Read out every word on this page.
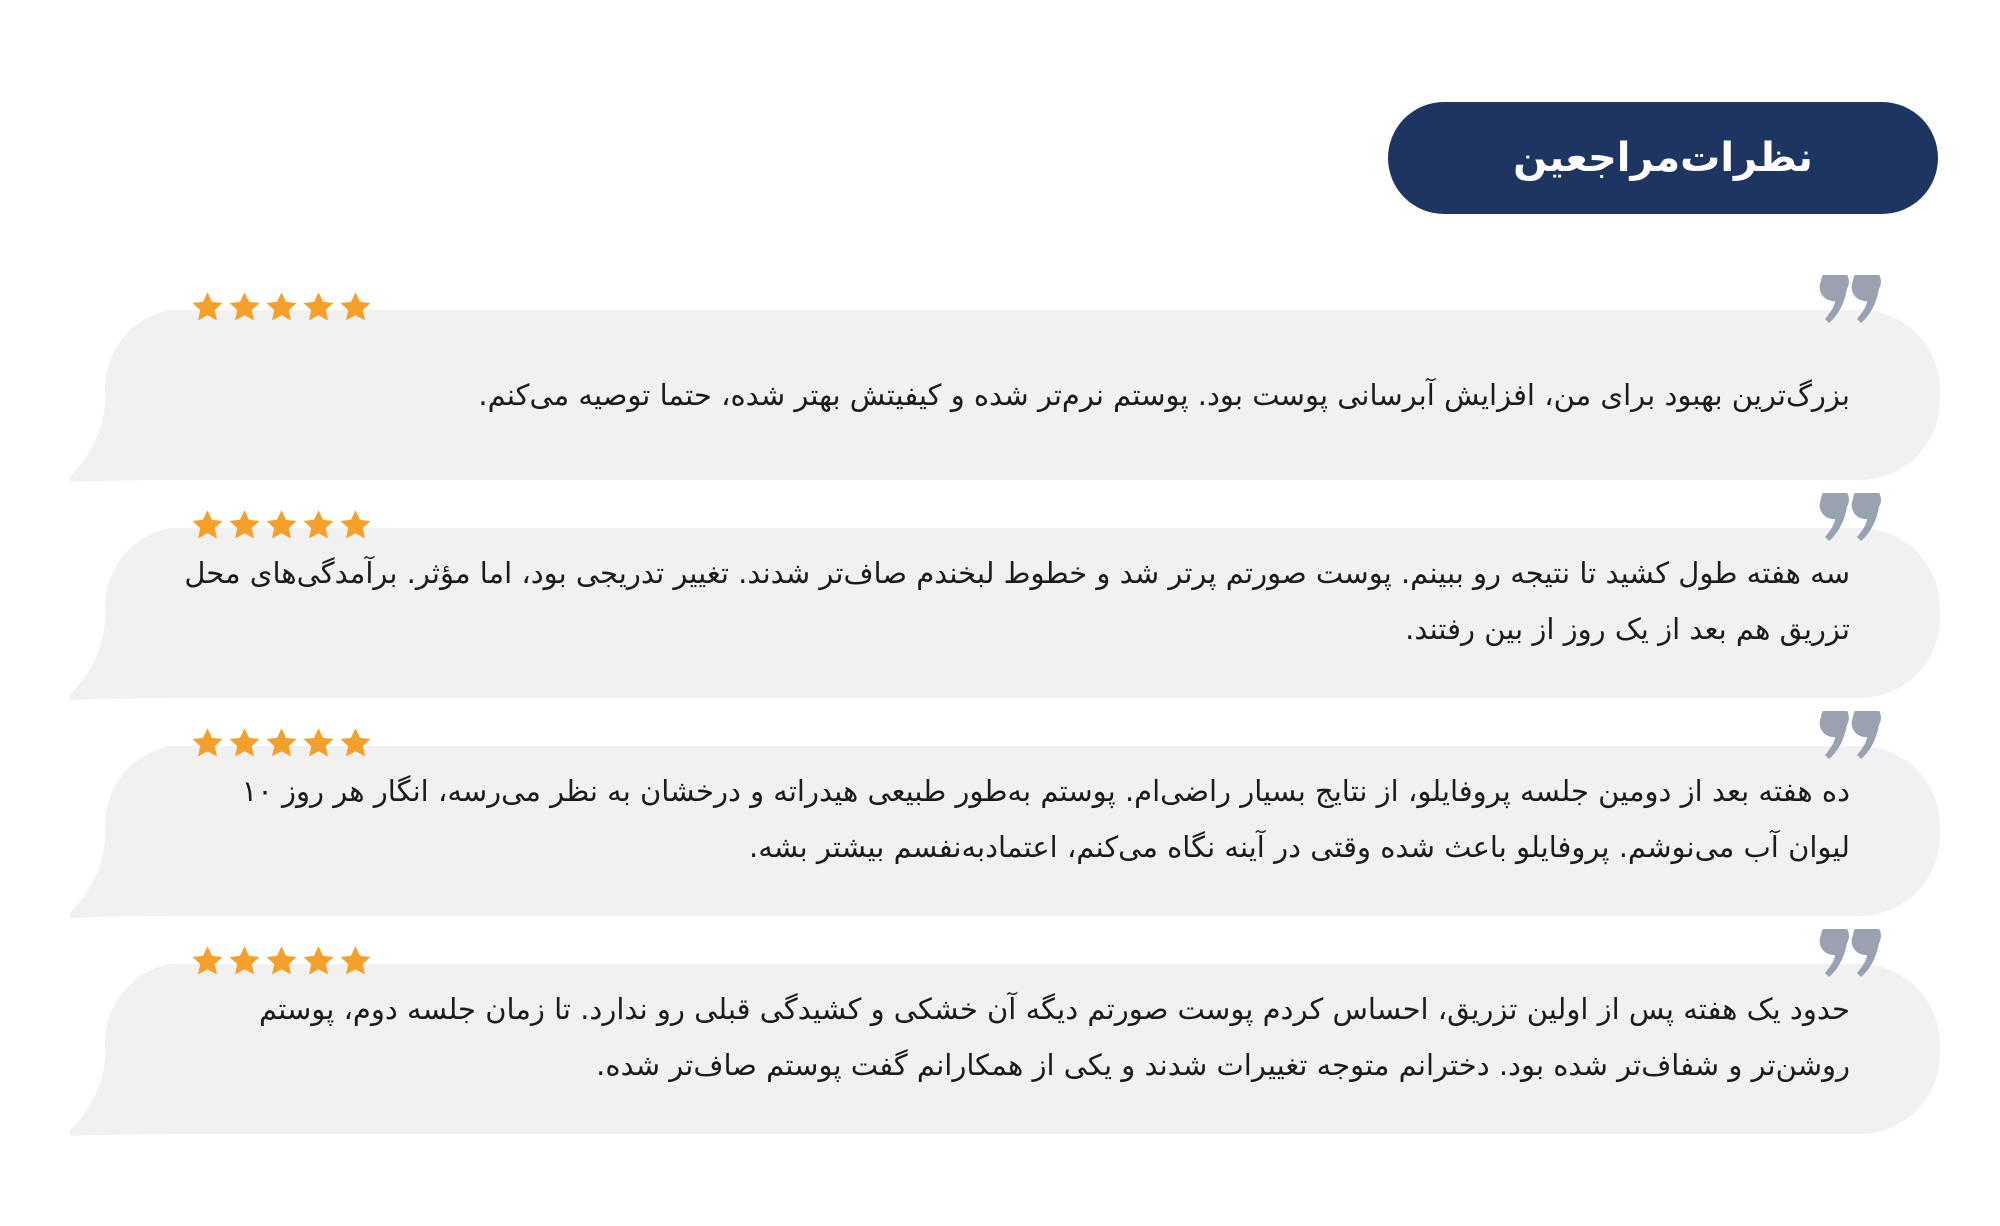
نظرات‌مراجعین
بزرگ‌ترین بهبود برای من، افزایش آبرسانی پوست بود. پوستم نرم‌تر شده و کیفیتش بهتر شده، حتما توصیه می‌کنم.
سه هفته طول کشید تا نتیجه رو ببینم. پوست صورتم پرتر شد و خطوط لبخندم صاف‌تر شدند. تغییر تدریجی بود، اما مؤثر. برآمدگی‌های محل تزریق هم بعد از یک روز از بین رفتند.
ده هفته بعد از دومین جلسه پروفایلو، از نتایج بسیار راضی‌ام. پوستم به‌طور طبیعی هیدراته و درخشان به نظر می‌رسه، انگار هر روز ۱۰ لیوان آب می‌نوشم. پروفایلو باعث شده وقتی در آینه نگاه می‌کنم، اعتمادبه‌نفسم بیشتر بشه.
حدود یک هفته پس از اولین تزریق، احساس کردم پوست صورتم دیگه آن خشکی و کشیدگی قبلی رو ندارد. تا زمان جلسه دوم، پوستم روشن‌تر و شفاف‌تر شده بود. دخترانم متوجه تغییرات شدند و یکی از همکارانم گفت پوستم صاف‌تر شده.
